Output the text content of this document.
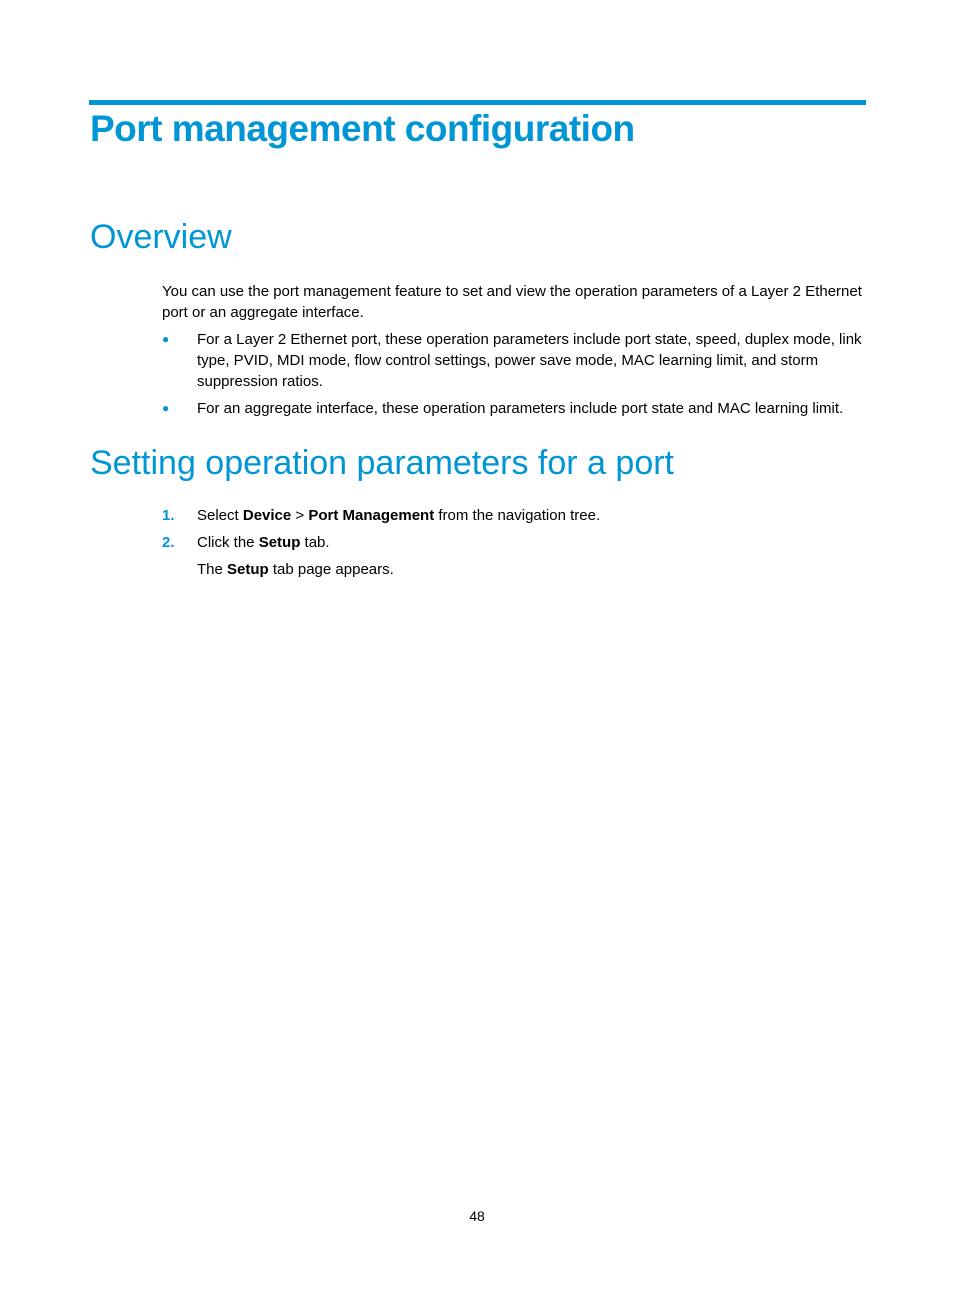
Port management configuration
Overview

You can use the port management feature to set and view the operation parameters of a Layer 2 Ethernet port or an aggregate interface.

● For a Layer 2 Ethernet port, these operation parameters include port state, speed, duplex mode, link type, PVID, MDI mode, flow control settings, power save mode, MAC learning limit, and storm suppression ratios.
● For an aggregate interface, these operation parameters include port state and MAC learning limit.
Setting operation parameters for a port
1. Select Device > Port Management from the navigation tree.
2. Click the Setup tab.
The Setup tab page appears.
48
